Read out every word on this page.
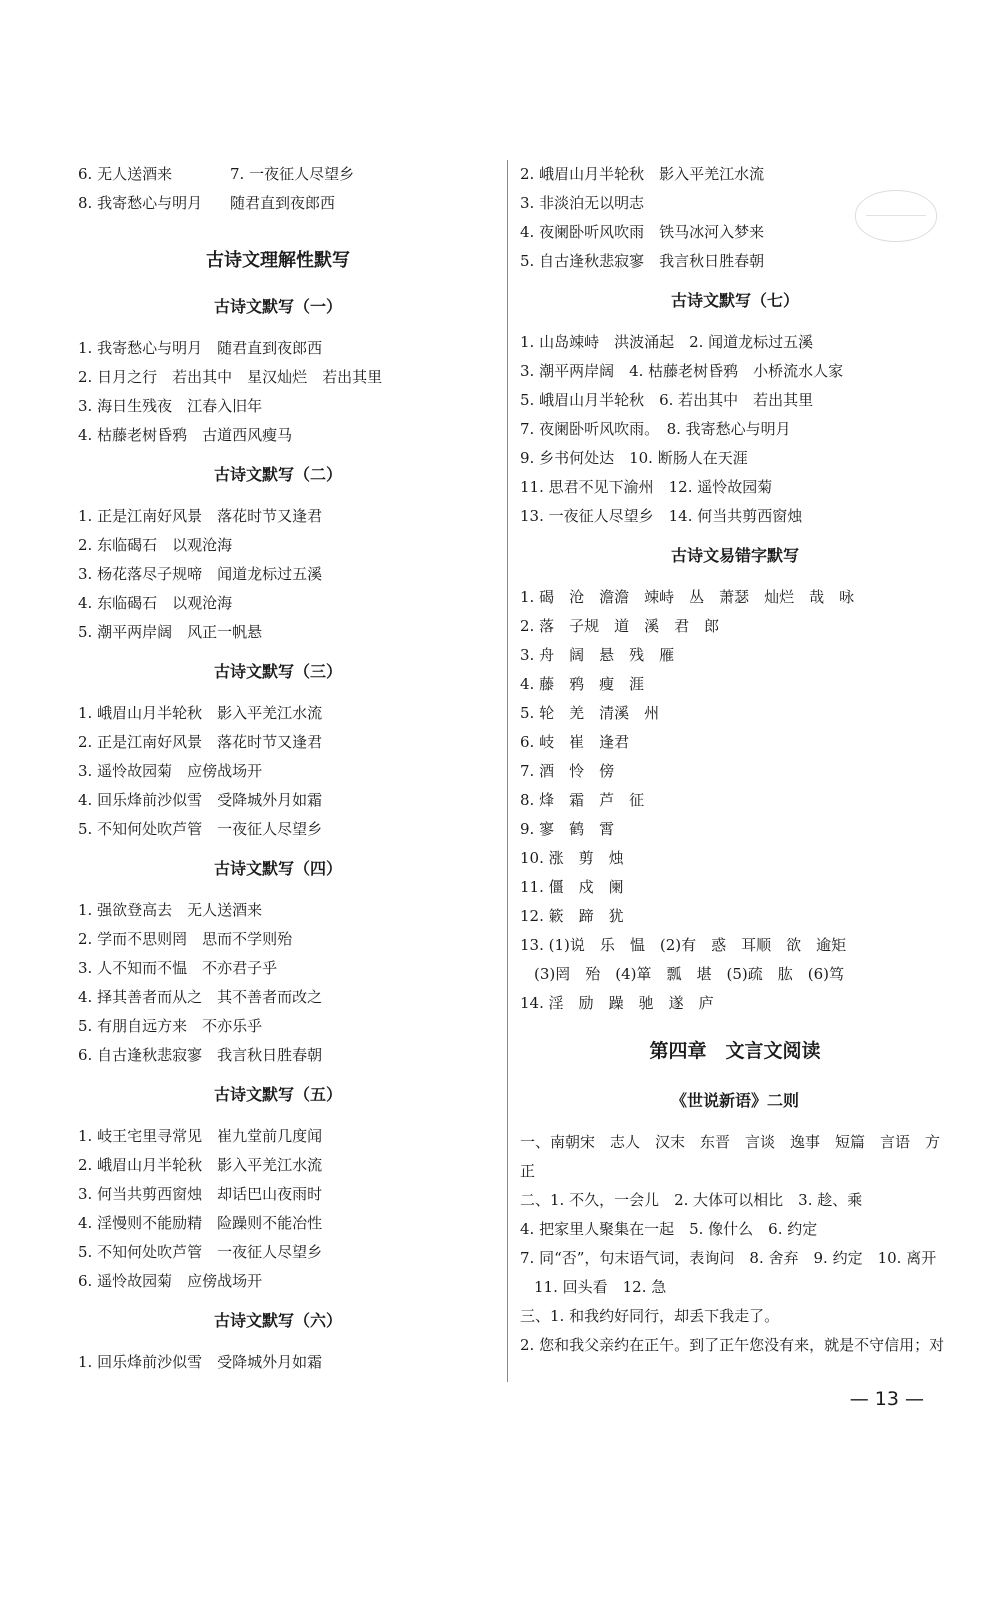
6. 无人送酒来	7. 一夜征人尽望乡
8. 我寄愁心与明月	随君直到夜郎西
古诗文理解性默写
古诗文默写（一）
1. 我寄愁心与明月　随君直到夜郎西
2. 日月之行　若出其中　星汉灿烂　若出其里
3. 海日生残夜　江春入旧年
4. 枯藤老树昏鸦　古道西风瘦马
古诗文默写（二）
1. 正是江南好风景　落花时节又逢君
2. 东临碣石　以观沧海
3. 杨花落尽子规啼　闻道龙标过五溪
4. 东临碣石　以观沧海
5. 潮平两岸阔　风正一帆悬
古诗文默写（三）
1. 峨眉山月半轮秋　影入平羌江水流
2. 正是江南好风景　落花时节又逢君
3. 遥怜故园菊　应傍战场开
4. 回乐烽前沙似雪　受降城外月如霜
5. 不知何处吹芦管　一夜征人尽望乡
古诗文默写（四）
1. 强欲登高去　无人送酒来
2. 学而不思则罔　思而不学则殆
3. 人不知而不愠　不亦君子乎
4. 择其善者而从之　其不善者而改之
5. 有朋自远方来　不亦乐乎
6. 自古逢秋悲寂寥　我言秋日胜春朝
古诗文默写（五）
1. 岐王宅里寻常见　崔九堂前几度闻
2. 峨眉山月半轮秋　影入平羌江水流
3. 何当共剪西窗烛　却话巴山夜雨时
4. 淫慢则不能励精　险躁则不能冶性
5. 不知何处吹芦管　一夜征人尽望乡
6. 遥怜故园菊　应傍战场开
古诗文默写（六）
1. 回乐烽前沙似雪　受降城外月如霜
2. 峨眉山月半轮秋　影入平羌江水流
3. 非淡泊无以明志
4. 夜阑卧听风吹雨　铁马冰河入梦来
5. 自古逢秋悲寂寥　我言秋日胜春朝
古诗文默写（七）
1. 山岛竦峙　洪波涌起　2. 闻道龙标过五溪
3. 潮平两岸阔　4. 枯藤老树昏鸦　小桥流水人家
5. 峨眉山月半轮秋　6. 若出其中　若出其里
7. 夜阑卧听风吹雨。　8. 我寄愁心与明月
9. 乡书何处达　10. 断肠人在天涯
11. 思君不见下渝州　12. 遥怜故园菊
13. 一夜征人尽望乡　14. 何当共剪西窗烛
古诗文易错字默写
1. 碣　沧　澹澹　竦峙　丛　萧瑟　灿烂　哉　咏
2. 落　子规　道　溪　君　郎
3. 舟　阔　悬　残　雁
4. 藤　鸦　瘦　涯
5. 轮　羌　清溪　州
6. 岐　崔　逢君
7. 酒　怜　傍
8. 烽　霜　芦　征
9. 寥　鹤　霄
10. 涨　剪　烛
11. 僵　戍　阑
12. 簌　蹄　犹
13. (1)说　乐　愠　(2)有　惑　耳顺　欲　逾矩
(3)罔　殆　(4)箪　瓢　堪　(5)疏　肱　(6)笃
14. 淫　励　躁　驰　遂　庐
第四章　文言文阅读
《世说新语》二则
一、南朝宋　志人　汉末　东晋　言谈　逸事　短篇　言语　方正
二、1. 不久，一会儿　2. 大体可以相比　3. 趁、乘
4. 把家里人聚集在一起　5. 像什么　6. 约定
7. 同“否”，句末语气词，表询问　8. 舍弃　9. 约定　10. 离开
11. 回头看　12. 急
三、1. 和我约好同行，却丢下我走了。
2. 您和我父亲约在正午。到了正午您没有来，就是不守信用；对
— 13 —
